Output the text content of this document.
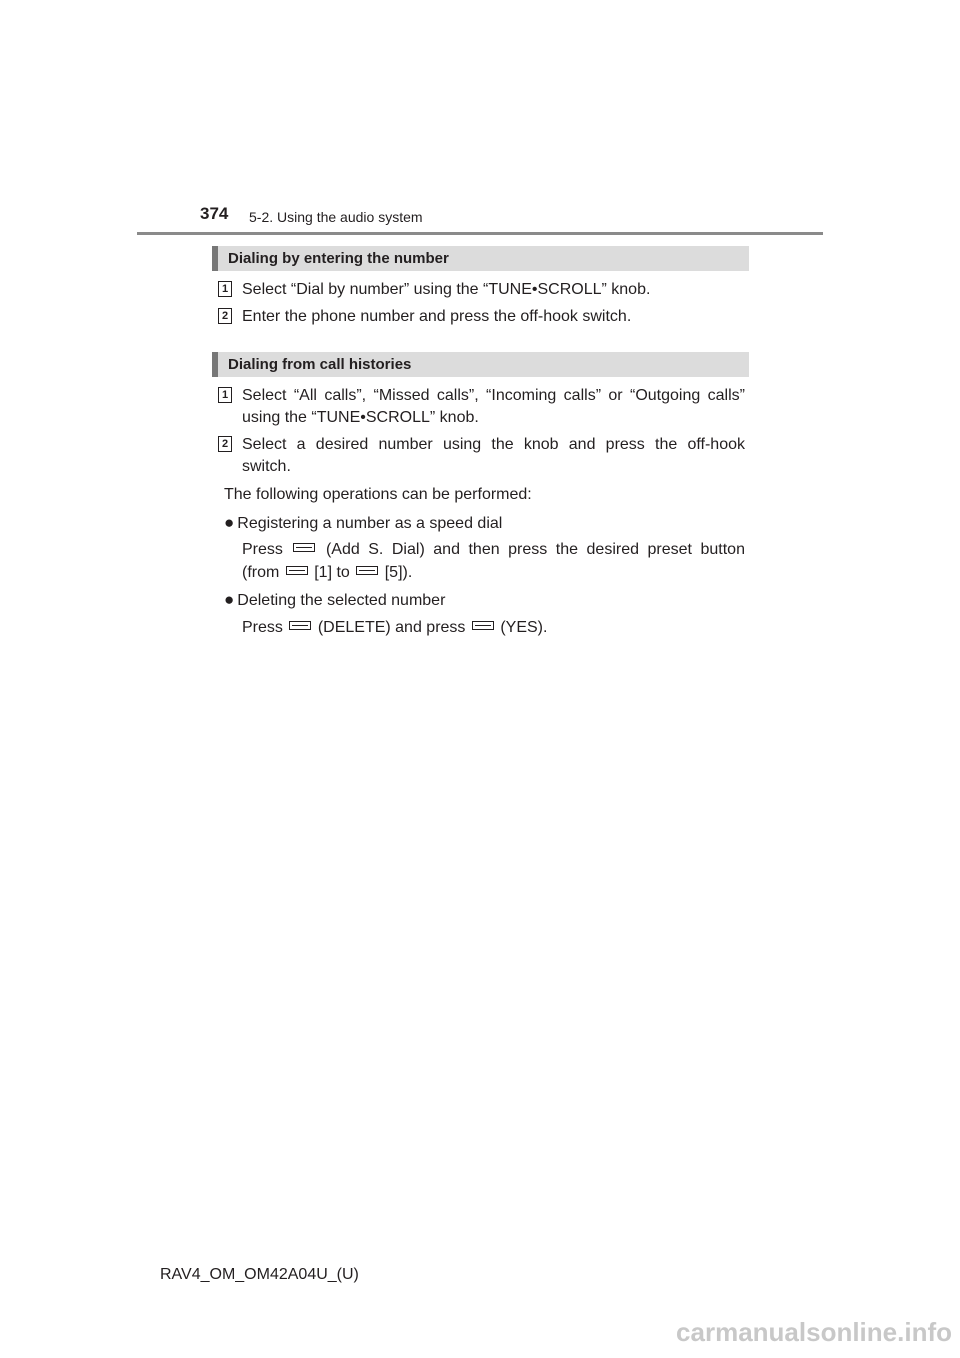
374 5-2. Using the audio system
Dialing by entering the number
1 Select “Dial by number” using the “TUNE•SCROLL” knob.
2 Enter the phone number and press the off-hook switch.
Dialing from call histories
1 Select “All calls”, “Missed calls”, “Incoming calls” or “Outgoing calls”
using the “TUNE•SCROLL” knob.
2 Select a desired number using the knob and press the off-hook
switch.
The following operations can be performed:
● Registering a number as a speed dial
Press	(Add S. Dial) and then press the desired preset button
(from [1] to [5]).
● Deleting the selected number
Press (DELETE) and press (YES).
RAV4_OM_OM42A04U_(U)
carmanualsonline.info
